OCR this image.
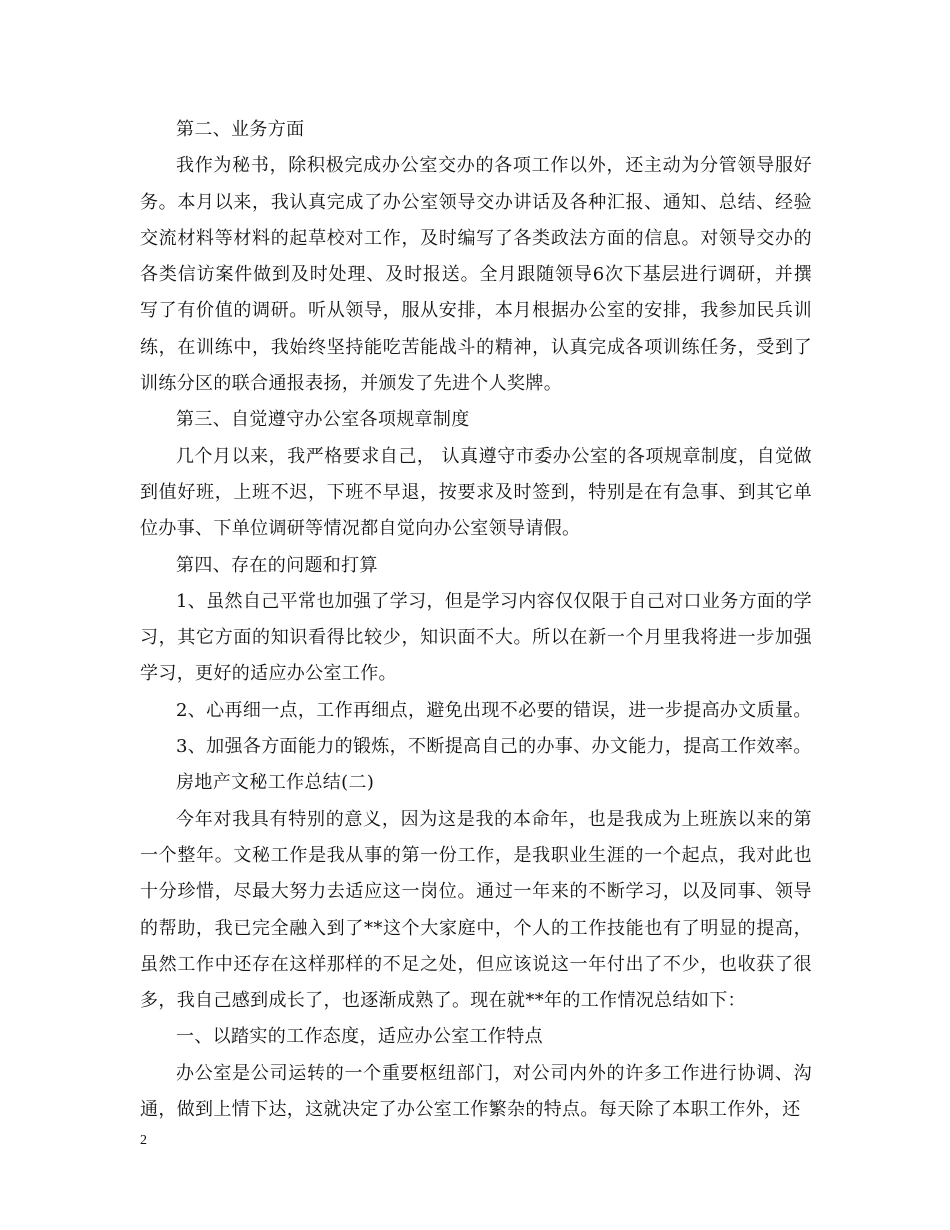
第二、业务方面

我作为秘书，除积极完成办公室交办的各项工作以外，还主动为分管领导服好务。本月以来，我认真完成了办公室领导交办讲话及各种汇报、通知、总结、经验交流材料等材料的起草校对工作，及时编写了各类政法方面的信息。对领导交办的各类信访案件做到及时处理、及时报送。全月跟随领导6次下基层进行调研，并撰写了有价值的调研。听从领导，服从安排，本月根据办公室的安排，我参加民兵训练，在训练中，我始终坚持能吃苦能战斗的精神，认真完成各项训练任务，受到了训练分区的联合通报表扬，并颁发了先进个人奖牌。

第三、自觉遵守办公室各项规章制度

几个月以来，我严格要求自己， 认真遵守市委办公室的各项规章制度，自觉做到值好班，上班不迟，下班不早退，按要求及时签到，特别是在有急事、到其它单位办事、下单位调研等情况都自觉向办公室领导请假。

第四、存在的问题和打算

1、虽然自己平常也加强了学习，但是学习内容仅仅限于自己对口业务方面的学习，其它方面的知识看得比较少，知识面不大。所以在新一个月里我将进一步加强学习，更好的适应办公室工作。

2、心再细一点，工作再细点，避免出现不必要的错误，进一步提高办文质量。

3、加强各方面能力的锻炼，不断提高自己的办事、办文能力，提高工作效率。

房地产文秘工作总结(二)

今年对我具有特别的意义，因为这是我的本命年，也是我成为上班族以来的第一个整年。文秘工作是我从事的第一份工作，是我职业生涯的一个起点，我对此也十分珍惜，尽最大努力去适应这一岗位。通过一年来的不断学习，以及同事、领导的帮助，我已完全融入到了**这个大家庭中，个人的工作技能也有了明显的提高，虽然工作中还存在这样那样的不足之处，但应该说这一年付出了不少，也收获了很多，我自己感到成长了，也逐渐成熟了。现在就**年的工作情况总结如下：

一、以踏实的工作态度，适应办公室工作特点

办公室是公司运转的一个重要枢纽部门，对公司内外的许多工作进行协调、沟通，做到上情下达，这就决定了办公室工作繁杂的特点。每天除了本职工作外，还

2
